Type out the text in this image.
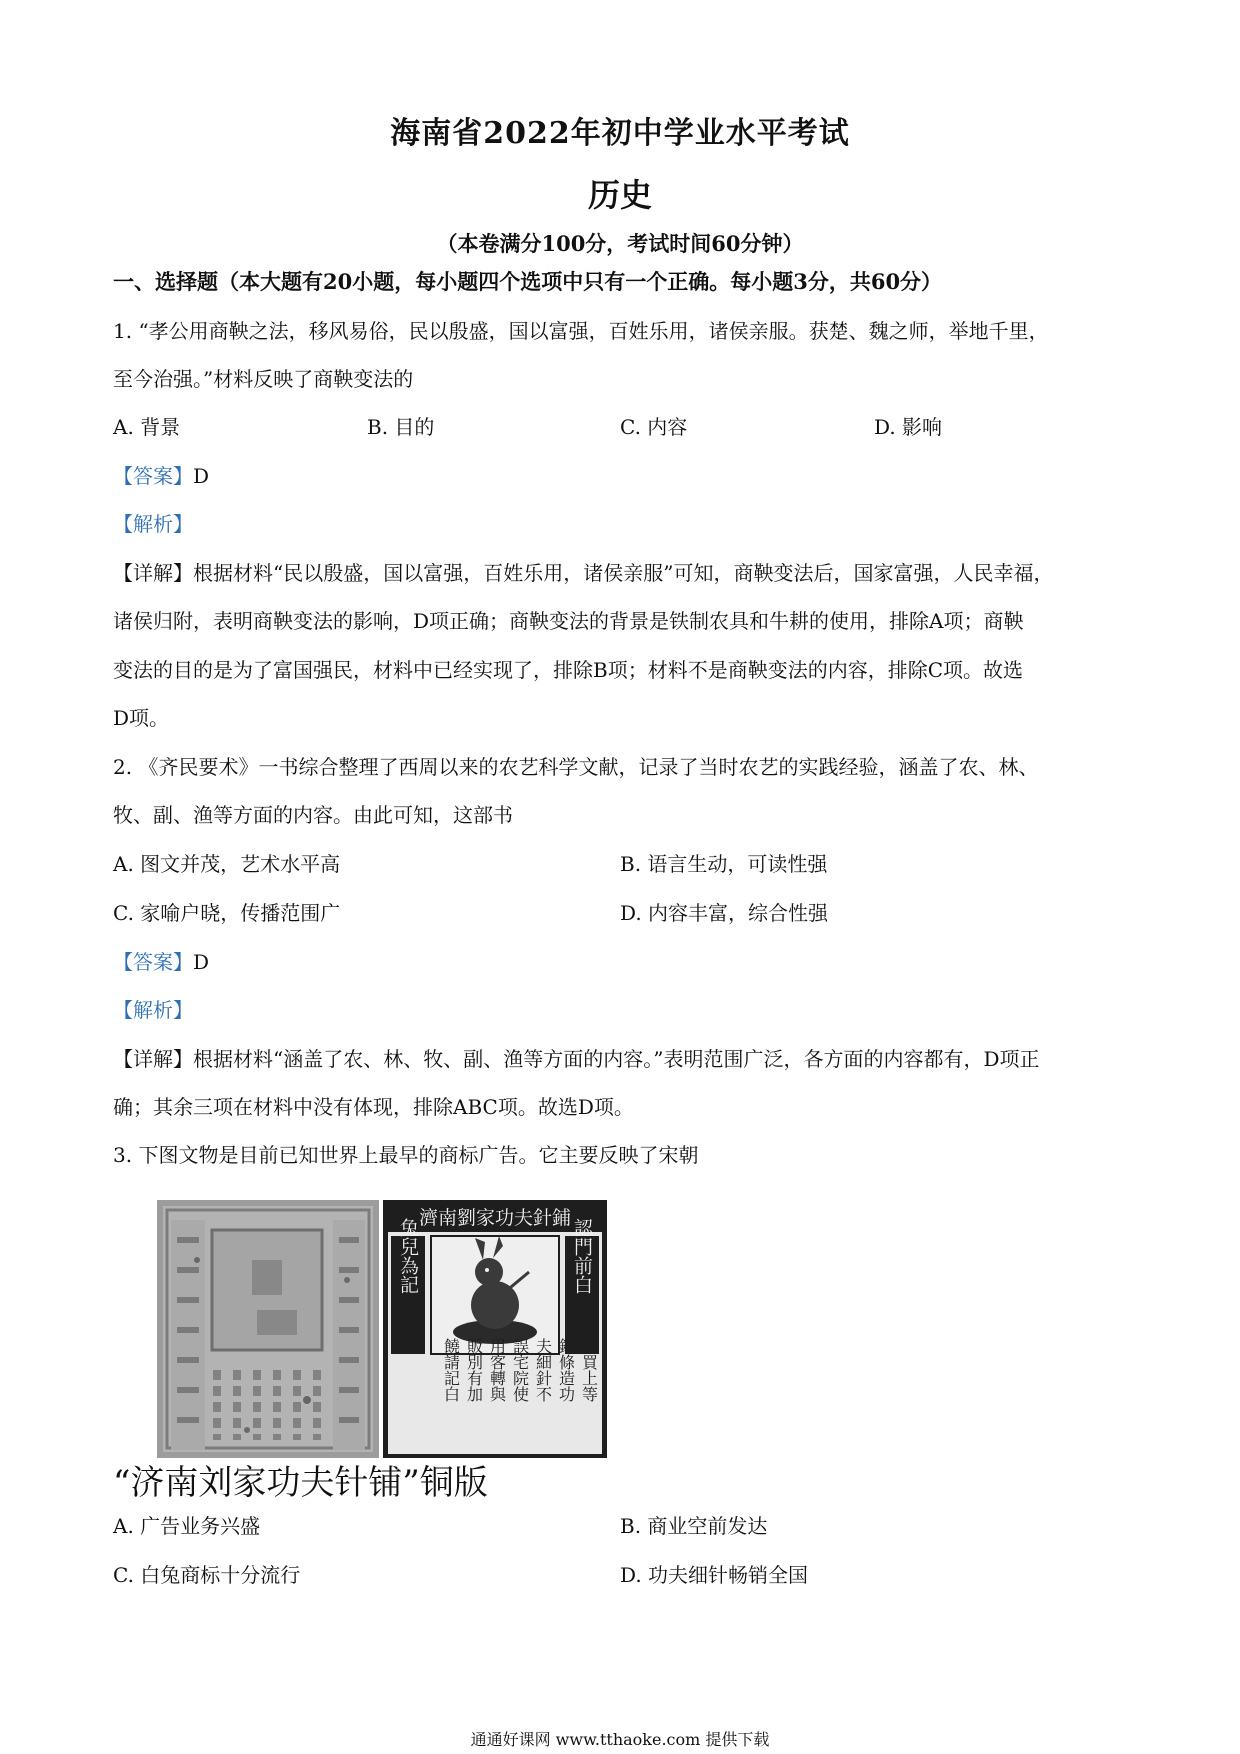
海南省2022年初中学业水平考试
历史
（本卷满分100分，考试时间60分钟）
一、选择题（本大题有20小题，每小题四个选项中只有一个正确。每小题3分，共60分）
1. “孝公用商鞅之法，移风易俗，民以殷盛，国以富强，百姓乐用，诸侯亲服。获楚、魏之师，举地千里，
至今治强。”材料反映了商鞅变法的
A. 背景	B. 目的	C. 内容	D. 影响
【答案】D
【解析】
【详解】根据材料“民以殷盛，国以富强，百姓乐用，诸侯亲服”可知，商鞅变法后，国家富强，人民幸福，
诸侯归附，表明商鞅变法的影响，D项正确；商鞅变法的背景是铁制农具和牛耕的使用，排除A项；商鞅
变法的目的是为了富国强民，材料中已经实现了，排除B项；材料不是商鞅变法的内容，排除C项。故选
D项。
2. 《齐民要术》一书综合整理了西周以来的农艺科学文献，记录了当时农艺的实践经验，涵盖了农、林、
牧、副、渔等方面的内容。由此可知，这部书
A. 图文并茂，艺术水平高	B. 语言生动，可读性强
C. 家喻户晓，传播范围广	D. 内容丰富，综合性强
【答案】D
【解析】
【详解】根据材料“涵盖了农、林、牧、副、渔等方面的内容。”表明范围广泛，各方面的内容都有，D项正
确；其余三项在材料中没有体现，排除ABC项。故选D项。
3. 下图文物是目前已知世界上最早的商标广告。它主要反映了宋朝
濟南劉家功夫針鋪
兔兒為記	認門前白
收買上等
鋼條造功
夫細針不
誤宅院使
用客轉與
販別有加
饒請記白
“济南刘家功夫针铺”铜版
A. 广告业务兴盛	B. 商业空前发达
C. 白兔商标十分流行	D. 功夫细针畅销全国
通通好课网 www.tthaoke.com 提供下载
